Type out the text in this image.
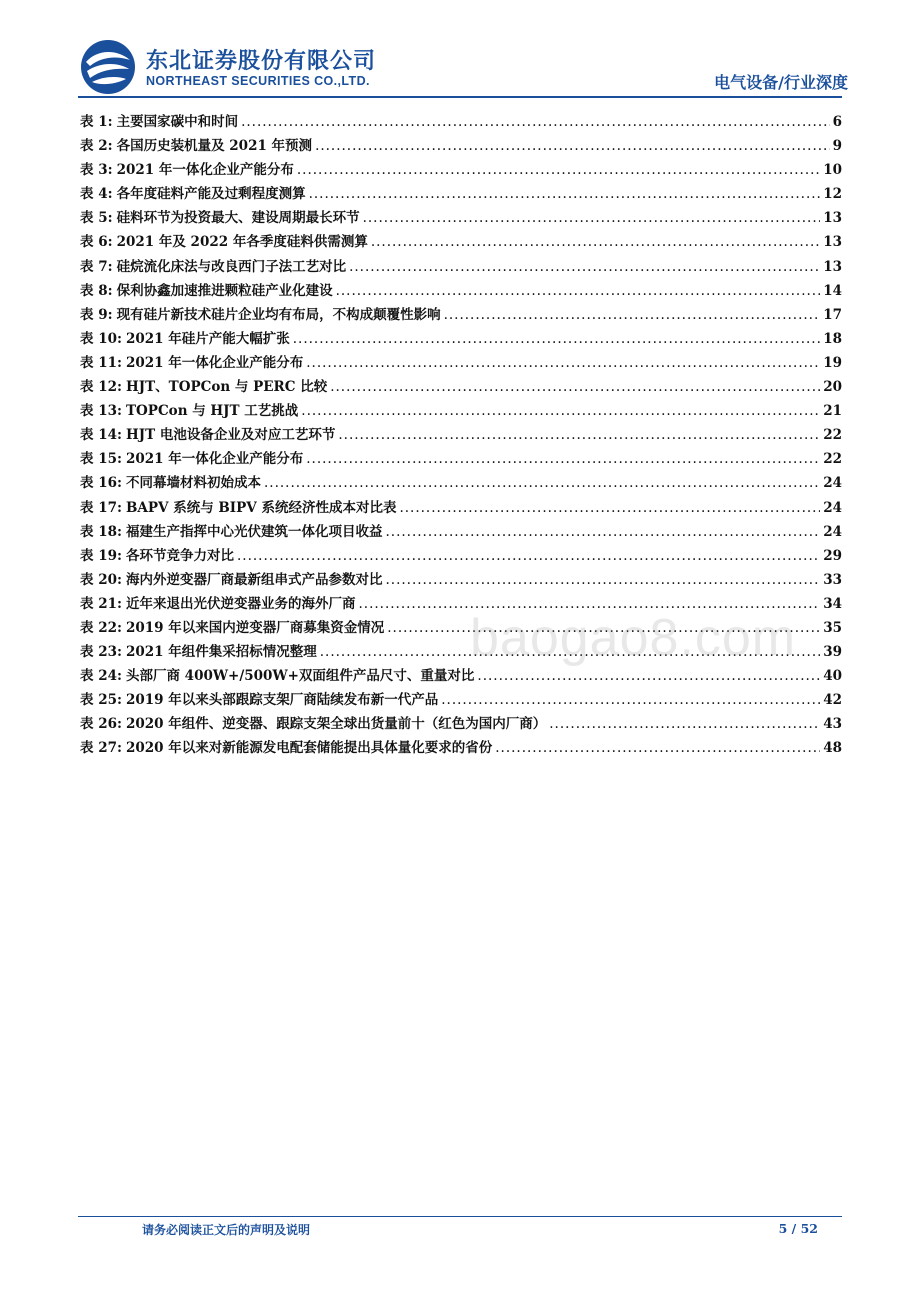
东北证券股份有限公司
NORTHEAST SECURITIES CO.,LTD.	电气设备/行业深度
表 1: 主要国家碳中和时间 .....	6
表 2: 各国历史装机量及 2021 年预测 .....	9
表 3: 2021 年一体化企业产能分布 .....	10
表 4: 各年度硅料产能及过剩程度测算 .....	12
表 5: 硅料环节为投资最大、建设周期最长环节 .....	13
表 6: 2021 年及 2022 年各季度硅料供需测算 .....	13
表 7: 硅烷流化床法与改良西门子法工艺对比 .....	13
表 8: 保利协鑫加速推进颗粒硅产业化建设 .....	14
表 9: 现有硅片新技术硅片企业均有布局，不构成颠覆性影响 .....	17
表 10: 2021 年硅片产能大幅扩张 .....	18
表 11: 2021 年一体化企业产能分布 .....	19
表 12: HJT、TOPCon 与 PERC 比较 .....	20
表 13: TOPCon 与 HJT 工艺挑战 .....	21
表 14: HJT 电池设备企业及对应工艺环节 .....	22
表 15: 2021 年一体化企业产能分布 .....	22
表 16: 不同幕墙材料初始成本 .....	24
表 17: BAPV 系统与 BIPV 系统经济性成本对比表 .....	24
表 18: 福建生产指挥中心光伏建筑一体化项目收益 .....	24
表 19: 各环节竞争力对比 .....	29
表 20: 海内外逆变器厂商最新组串式产品参数对比 .....	33
表 21: 近年来退出光伏逆变器业务的海外厂商 .....	34
表 22: 2019 年以来国内逆变器厂商募集资金情况 .....	35
表 23: 2021 年组件集采招标情况整理 .....	39
表 24: 头部厂商 400W+/500W+双面组件产品尺寸、重量对比 .....	40
表 25: 2019 年以来头部跟踪支架厂商陆续发布新一代产品 .....	42
表 26: 2020 年组件、逆变器、跟踪支架全球出货量前十（红色为国内厂商） .....	43
表 27: 2020 年以来对新能源发电配套储能提出具体量化要求的省份 .....	48
baogao8.com
请务必阅读正文后的声明及说明	5 / 52
